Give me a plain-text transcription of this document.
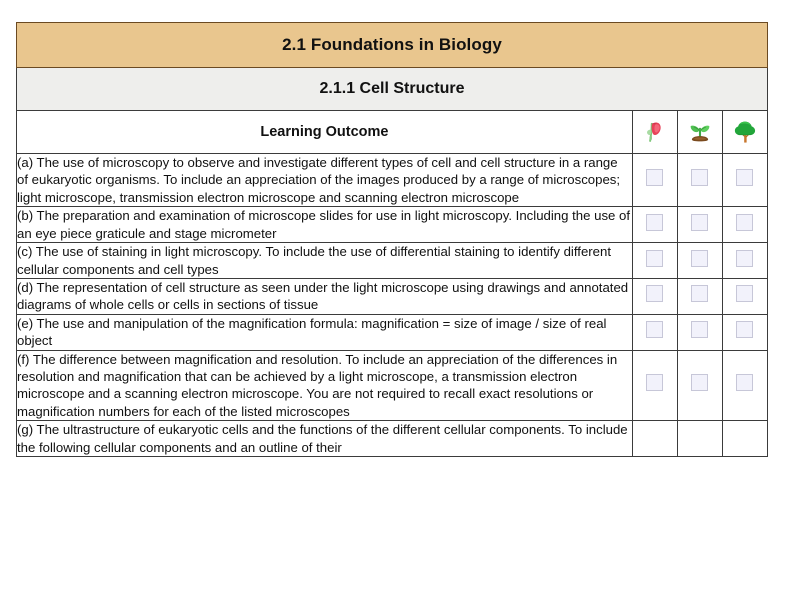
2.1 Foundations in Biology			
2.1.1 Cell Structure			
Learning Outcome	

(a) The use of microscopy to observe and investigate different types of cell and cell structure in a range of eukaryotic organisms. To include an appreciation of the images produced by a range of microscopes; light microscope, transmission electron microscope and scanning electron microscope			
(b) The preparation and examination of microscope slides for use in light microscopy. Including the use of an eye piece graticule and stage micrometer			
(c) The use of staining in light microscopy. To include the use of differential staining to identify different cellular components and cell types			
(d) The representation of cell structure as seen under the light microscope using drawings and annotated diagrams of whole cells or cells in sections of tissue			
(e) The use and manipulation of the magnification formula: magnification = size of image / size of real object			
(f) The difference between magnification and resolution. To include an appreciation of the differences in resolution and magnification that can be achieved by a light microscope, a transmission electron microscope and a scanning electron microscope. You are not required to recall exact resolutions or magnification numbers for each of the listed microscopes			
(g) The ultrastructure of eukaryotic cells and the functions of the different cellular components. To include the following cellular components and an outline of their			
